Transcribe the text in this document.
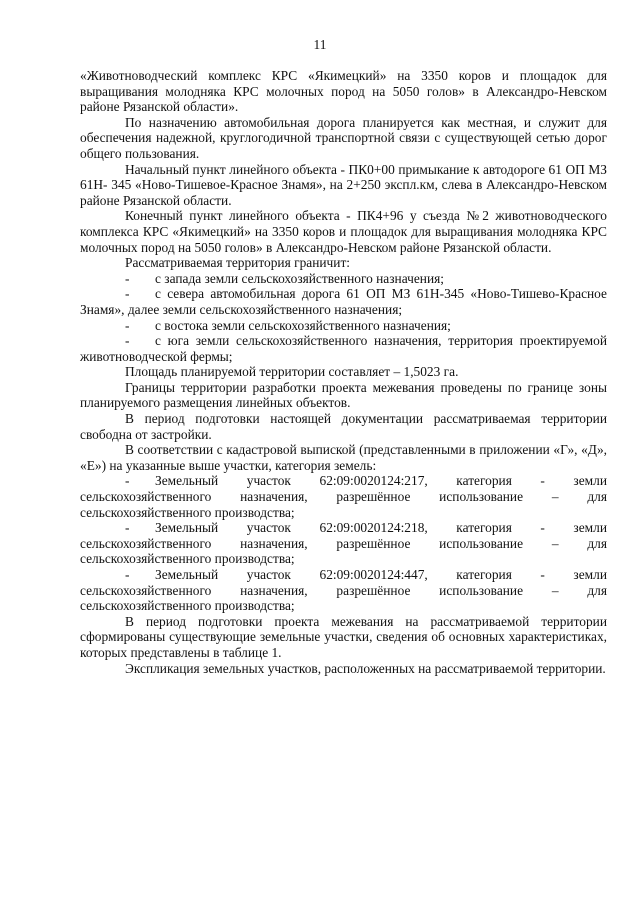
11

«Животноводческий комплекс КРС «Якимецкий» на 3350 коров и площадок для выращивания молодняка КРС молочных пород на 5050 голов» в Александро-Невском районе Рязанской области».

По назначению автомобильная дорога планируется как местная, и служит для обеспечения надежной, круглогодичной транспортной связи с существующей сетью дорог общего пользования.

Начальный пункт линейного объекта - ПК0+00 примыкание к автодороге 61 ОП МЗ 61Н- 345 «Ново-Тишевое-Красное Знамя», на 2+250 экспл.км, слева в Александро-Невском районе Рязанской области.

Конечный пункт линейного объекта - ПК4+96 у съезда №2 животноводческого комплекса КРС «Якимецкий» на 3350 коров и площадок для выращивания молодняка КРС молочных пород на 5050 голов» в Александро-Невском районе Рязанской области.

Рассматриваемая территория граничит:

- с запада земли сельскохозяйственного назначения;

- с севера автомобильная дорога 61 ОП МЗ 61Н-345 «Ново-Тишево-Красное Знамя», далее земли сельскохозяйственного назначения;

- с востока земли сельскохозяйственного назначения;

- с юга земли сельскохозяйственного назначения, территория проектируемой животноводческой фермы;

Площадь планируемой территории составляет – 1,5023 га.

Границы территории разработки проекта межевания проведены по границе зоны планируемого размещения линейных объектов.

В период подготовки настоящей документации рассматриваемая территории свободна от застройки.

В соответствии с кадастровой выпиской (представленными в приложении «Г», «Д», «Е») на указанные выше участки, категория земель:

- Земельный участок 62:09:0020124:217, категория - земли сельскохозяйственного назначения, разрешённое использование – для сельскохозяйственного производства;

- Земельный участок 62:09:0020124:218, категория - земли сельскохозяйственного назначения, разрешённое использование – для сельскохозяйственного производства;

- Земельный участок 62:09:0020124:447, категория - земли сельскохозяйственного назначения, разрешённое использование – для сельскохозяйственного производства;

В период подготовки проекта межевания на рассматриваемой территории сформированы существующие земельные участки, сведения об основных характеристиках, которых представлены в таблице 1.

Экспликация земельных участков, расположенных на рассматриваемой территории.
